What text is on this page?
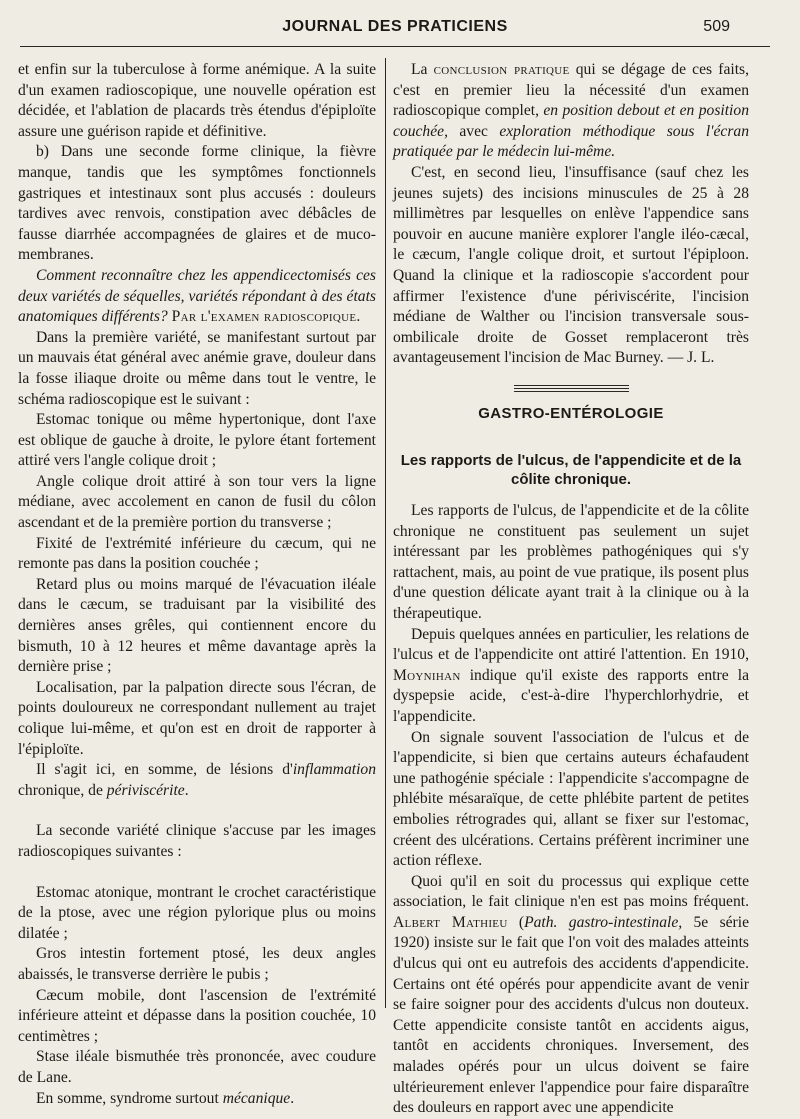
JOURNAL DES PRATICIENS	509

et enfin sur la tuberculose à forme anémique. A la suite d'un examen radioscopique, une nouvelle opération est décidée, et l'ablation de placards très étendus d'épiploïte assure une guérison rapide et définitive.

b) Dans une seconde forme clinique, la fièvre manque, tandis que les symptômes fonctionnels gastriques et intestinaux sont plus accusés : douleurs tardives avec renvois, constipation avec débâcles de fausse diarrhée accompagnées de glaires et de muco-membranes.

Comment reconnaître chez les appendicectomisés ces deux variétés de séquelles, variétés répondant à des états anatomiques différents? Par l'examen radioscopique.

Dans la première variété, se manifestant surtout par un mauvais état général avec anémie grave, douleur dans la fosse iliaque droite ou même dans tout le ventre, le schéma radioscopique est le suivant :

Estomac tonique ou même hypertonique, dont l'axe est oblique de gauche à droite, le pylore étant fortement attiré vers l'angle colique droit ;

Angle colique droit attiré à son tour vers la ligne médiane, avec accolement en canon de fusil du côlon ascendant et de la première portion du transverse ;

Fixité de l'extrémité inférieure du cæcum, qui ne remonte pas dans la position couchée ;

Retard plus ou moins marqué de l'évacuation iléale dans le cæcum, se traduisant par la visibilité des dernières anses grêles, qui contiennent encore du bismuth, 10 à 12 heures et même davantage après la dernière prise ;

Localisation, par la palpation directe sous l'écran, de points douloureux ne correspondant nullement au trajet colique lui-même, et qu'on est en droit de rapporter à l'épiploïte.

Il s'agit ici, en somme, de lésions d'inflammation chronique, de périviscérite.

La seconde variété clinique s'accuse par les images radioscopiques suivantes :

Estomac atonique, montrant le crochet caractéristique de la ptose, avec une région pylorique plus ou moins dilatée ;

Gros intestin fortement ptosé, les deux angles abaissés, le transverse derrière le pubis ;

Cæcum mobile, dont l'ascension de l'extrémité inférieure atteint et dépasse dans la position couchée, 10 centimètres ;

Stase iléale bismuthée très prononcée, avec coudure de Lane.

En somme, syndrome surtout mécanique.

La conclusion pratique qui se dégage de ces faits, c'est en premier lieu la nécessité d'un examen radioscopique complet, en position debout et en position couchée, avec exploration méthodique sous l'écran pratiquée par le médecin lui-même.

C'est, en second lieu, l'insuffisance (sauf chez les jeunes sujets) des incisions minuscules de 25 à 28 millimètres par lesquelles on enlève l'appendice sans pouvoir en aucune manière explorer l'angle iléo-cæcal, le cæcum, l'angle colique droit, et surtout l'épiploon. Quand la clinique et la radioscopie s'accordent pour affirmer l'existence d'une périviscérite, l'incision médiane de Walther ou l'incision transversale sous-ombilicale droite de Gosset remplaceront très avantageusement l'incision de Mac Burney. — J. L.

GASTRO-ENTÉROLOGIE
Les rapports de l'ulcus, de l'appendicite et de la côlite chronique.

Les rapports de l'ulcus, de l'appendicite et de la côlite chronique ne constituent pas seulement un sujet intéressant par les problèmes pathogéniques qui s'y rattachent, mais, au point de vue pratique, ils posent plus d'une question délicate ayant trait à la clinique ou à la thérapeutique.

Depuis quelques années en particulier, les relations de l'ulcus et de l'appendicite ont attiré l'attention. En 1910, Moynihan indique qu'il existe des rapports entre la dyspepsie acide, c'est-à-dire l'hyperchlorhydrie, et l'appendicite.

On signale souvent l'association de l'ulcus et de l'appendicite, si bien que certains auteurs échafaudent une pathogénie spéciale : l'appendicite s'accompagne de phlébite mésaraïque, de cette phlébite partent de petites embolies rétrogrades qui, allant se fixer sur l'estomac, créent des ulcérations. Certains préfèrent incriminer une action réflexe.

Quoi qu'il en soit du processus qui explique cette association, le fait clinique n'en est pas moins fréquent. Albert Mathieu (Path. gastro-intestinale, 5e série 1920) insiste sur le fait que l'on voit des malades atteints d'ulcus qui ont eu autrefois des accidents d'appendicite. Certains ont été opérés pour appendicite avant de venir se faire soigner pour des accidents d'ulcus non douteux. Cette appendicite consiste tantôt en accidents aigus, tantôt en accidents chroniques. Inversement, des malades opérés pour un ulcus doivent se faire ultérieurement enlever l'appendice pour faire disparaître des douleurs en rapport avec une appendicite
